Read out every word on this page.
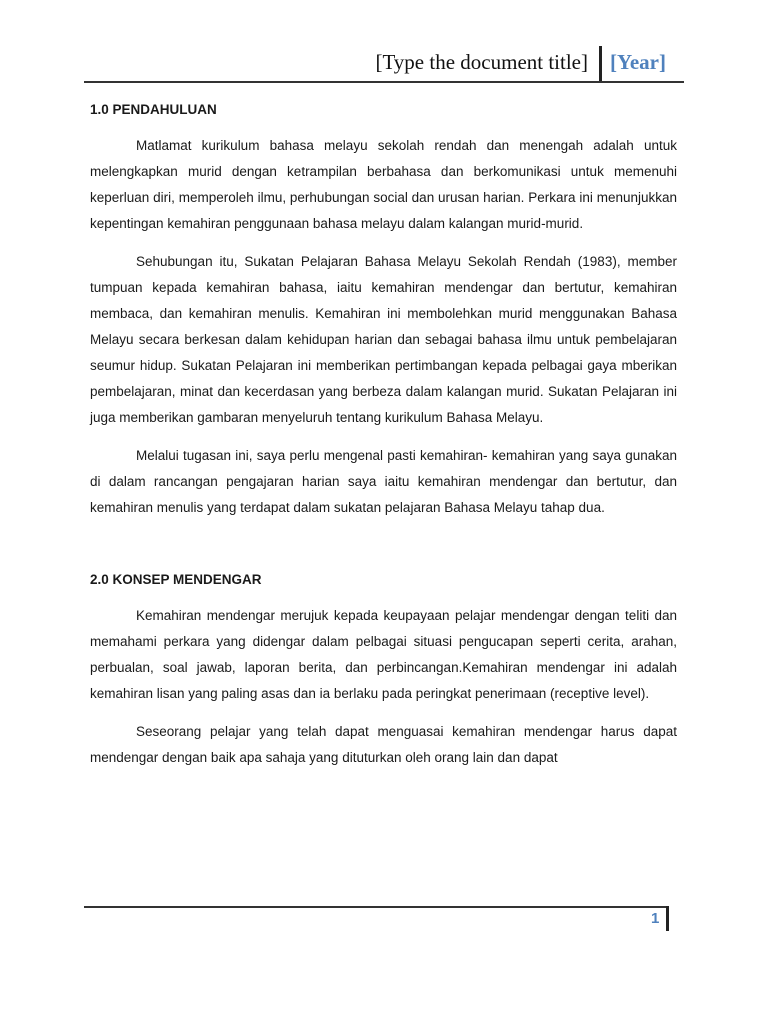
[Type the document title] [Year]
1.0 PENDAHULUAN

Matlamat kurikulum bahasa melayu sekolah rendah dan menengah adalah untuk melengkapkan murid dengan ketrampilan berbahasa dan berkomunikasi untuk memenuhi keperluan diri, memperoleh ilmu, perhubungan social dan urusan harian. Perkara ini menunjukkan kepentingan kemahiran penggunaan bahasa melayu dalam kalangan murid-murid.

Sehubungan itu, Sukatan Pelajaran Bahasa Melayu Sekolah Rendah (1983), member tumpuan kepada kemahiran bahasa, iaitu kemahiran mendengar dan bertutur, kemahiran membaca, dan kemahiran menulis. Kemahiran ini membolehkan murid menggunakan Bahasa Melayu secara berkesan dalam kehidupan harian dan sebagai bahasa ilmu untuk pembelajaran seumur hidup. Sukatan Pelajaran ini memberikan pertimbangan kepada pelbagai gaya mberikan pembelajaran, minat dan kecerdasan yang berbeza dalam kalangan murid. Sukatan Pelajaran ini juga memberikan gambaran menyeluruh tentang kurikulum Bahasa Melayu.

Melalui tugasan ini, saya perlu mengenal pasti kemahiran- kemahiran yang saya gunakan di dalam rancangan pengajaran harian saya iaitu kemahiran mendengar dan bertutur, dan kemahiran menulis yang terdapat dalam sukatan pelajaran Bahasa Melayu tahap dua.

2.0 KONSEP MENDENGAR

Kemahiran mendengar merujuk kepada keupayaan pelajar mendengar dengan teliti dan memahami perkara yang didengar dalam pelbagai situasi pengucapan seperti cerita, arahan, perbualan, soal jawab, laporan berita, dan perbincangan.Kemahiran mendengar ini adalah kemahiran lisan yang paling asas dan ia berlaku pada peringkat penerimaan (receptive level).

Seseorang pelajar yang telah dapat menguasai kemahiran mendengar harus dapat mendengar dengan baik apa sahaja yang dituturkan oleh orang lain dan dapat

1
